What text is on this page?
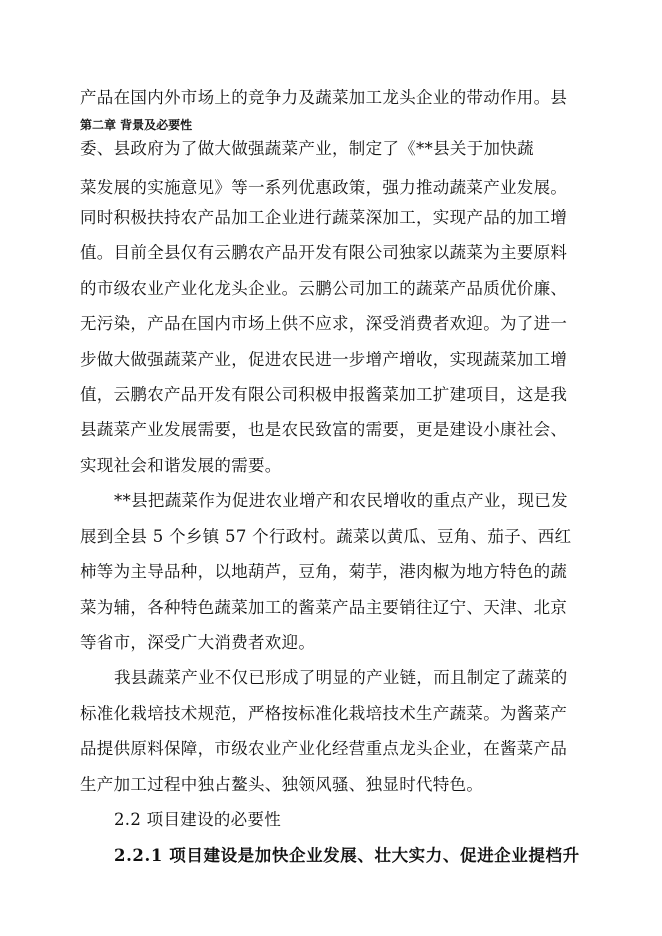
产品在国内外市场上的竞争力及蔬菜加工龙头企业的带动作用。县
第二章 背景及必要性
委、县政府为了做大做强蔬菜产业，制定了《**县关于加快蔬
菜发展的实施意见》等一系列优惠政策，强力推动蔬菜产业发展。
同时积极扶持农产品加工企业进行蔬菜深加工，实现产品的加工增
值。目前全县仅有云鹏农产品开发有限公司独家以蔬菜为主要原料
的市级农业产业化龙头企业。云鹏公司加工的蔬菜产品质优价廉、
无污染，产品在国内市场上供不应求，深受消费者欢迎。为了进一
步做大做强蔬菜产业，促进农民进一步增产增收，实现蔬菜加工增
值，云鹏农产品开发有限公司积极申报酱菜加工扩建项目，这是我
县蔬菜产业发展需要，也是农民致富的需要，更是建设小康社会、
实现社会和谐发展的需要。
**县把蔬菜作为促进农业增产和农民增收的重点产业，现已发
展到全县 5 个乡镇 57 个行政村。蔬菜以黄瓜、豆角、茄子、西红
柿等为主导品种，以地葫芦，豆角，菊芋，港肉椒为地方特色的蔬
菜为辅，各种特色蔬菜加工的酱菜产品主要销往辽宁、天津、北京
等省市，深受广大消费者欢迎。
我县蔬菜产业不仅已形成了明显的产业链，而且制定了蔬菜的
标准化栽培技术规范，严格按标准化栽培技术生产蔬菜。为酱菜产
品提供原料保障，市级农业产业化经营重点龙头企业，在酱菜产品
生产加工过程中独占鳌头、独领风骚、独显时代特色。
2.2 项目建设的必要性
2.2.1 项目建设是加快企业发展、壮大实力、促进企业提档升
